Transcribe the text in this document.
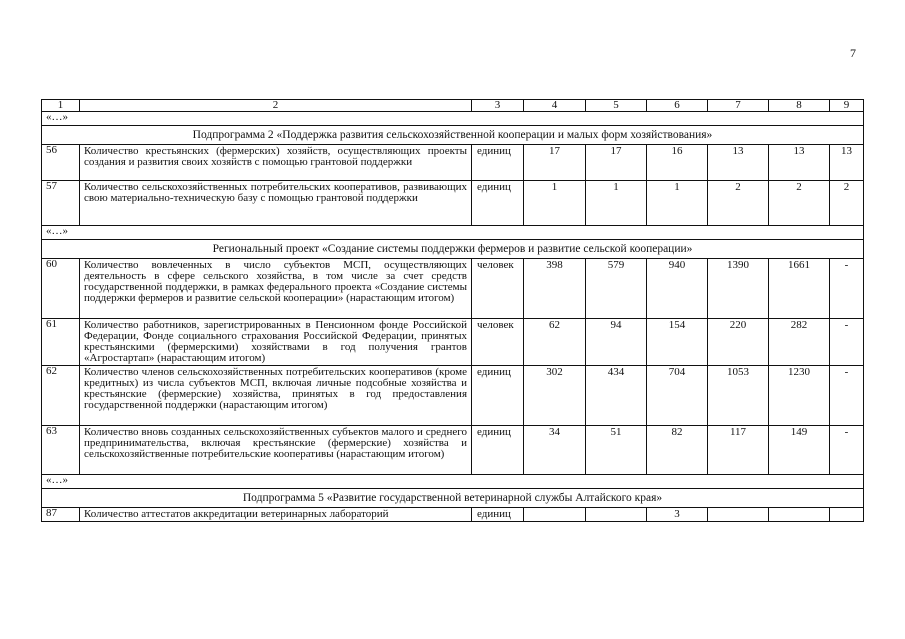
7
1	2	3	4	5	6	7	8	9
«…»								
Подпрограмма 2 «Поддержка развития сельскохозяйственной кооперации и малых форм хозяйствования»								
56	Количество крестьянских (фермерских) хозяйств, осуществляющих проекты создания и развития своих хозяйств с помощью грантовой поддержки	единиц	17	17	16	13	13	13
57	Количество сельскохозяйственных потребительских кооперативов, развивающих свою материально-техническую базу с помощью грантовой поддержки	единиц	1	1	1	2	2	2
«…»								
Региональный проект «Создание системы поддержки фермеров и развитие сельской кооперации»								
60	Количество вовлеченных в число субъектов МСП, осуществляющих деятельность в сфере сельского хозяйства, в том числе за счет средств государственной поддержки, в рамках федерального проекта «Создание системы поддержки фермеров и развитие сельской кооперации» (нарастающим итогом)	человек	398	579	940	1390	1661	-
61	Количество работников, зарегистрированных в Пенсионном фонде Российской Федерации, Фонде социального страхования Российской Федерации, принятых крестьянскими (фермерскими) хозяйствами в год получения грантов «Агростартап» (нарастающим итогом)	человек	62	94	154	220	282	-
62	Количество членов сельскохозяйственных потребительских кооперативов (кроме кредитных) из числа субъектов МСП, включая личные подсобные хозяйства и крестьянские (фермерские) хозяйства, принятых в год предоставления государственной поддержки (нарастающим итогом)	единиц	302	434	704	1053	1230	-
63	Количество вновь созданных сельскохозяйственных субъектов малого и среднего предпринимательства, включая крестьянские (фермерские) хозяйства и сельскохозяйственные потребительские кооперативы (нарастающим итогом)	единиц	34	51	82	117	149	-
«…»								
Подпрограмма 5 «Развитие государственной ветеринарной службы Алтайского края»								
87	Количество аттестатов аккредитации ветеринарных лабораторий	единиц			3			
